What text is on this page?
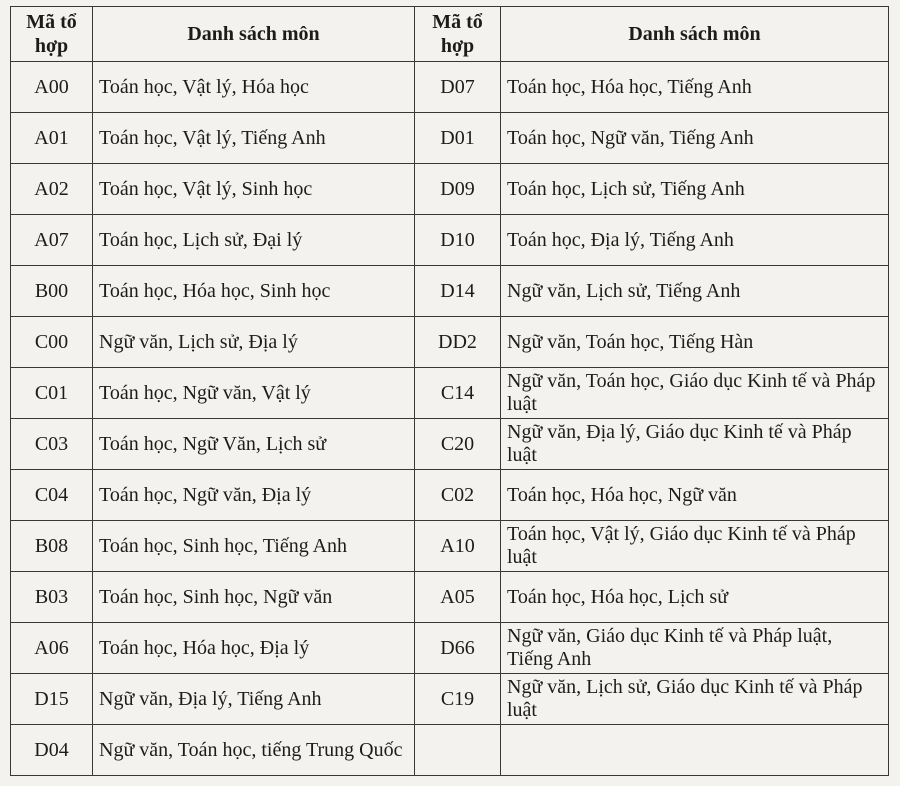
Mã tổ hợp	Danh sách môn	Mã tổ hợp	Danh sách môn
A00	Toán học, Vật lý, Hóa học	D07	Toán học, Hóa học, Tiếng Anh
A01	Toán học, Vật lý, Tiếng Anh	D01	Toán học, Ngữ văn, Tiếng Anh
A02	Toán học, Vật lý, Sinh học	D09	Toán học, Lịch sử, Tiếng Anh
A07	Toán học, Lịch sử, Đại lý	D10	Toán học, Địa lý, Tiếng Anh
B00	Toán học, Hóa học, Sinh học	D14	Ngữ văn, Lịch sử, Tiếng Anh
C00	Ngữ văn, Lịch sử, Địa lý	DD2	Ngữ văn, Toán học, Tiếng Hàn
C01	Toán học, Ngữ văn, Vật lý	C14	Ngữ văn, Toán học, Giáo dục Kinh tế và Pháp luật
C03	Toán học, Ngữ Văn, Lịch sử	C20	Ngữ văn, Địa lý, Giáo dục Kinh tế và Pháp luật
C04	Toán học, Ngữ văn, Địa lý	C02	Toán học, Hóa học, Ngữ văn
B08	Toán học, Sinh học, Tiếng Anh	A10	Toán học, Vật lý, Giáo dục Kinh tế và Pháp luật
B03	Toán học, Sinh học, Ngữ văn	A05	Toán học, Hóa học, Lịch sử
A06	Toán học, Hóa học, Địa lý	D66	Ngữ văn, Giáo dục Kinh tế và Pháp luật, Tiếng Anh
D15	Ngữ văn, Địa lý, Tiếng Anh	C19	Ngữ văn, Lịch sử, Giáo dục Kinh tế và Pháp luật
D04	Ngữ văn, Toán học, tiếng Trung Quốc		
